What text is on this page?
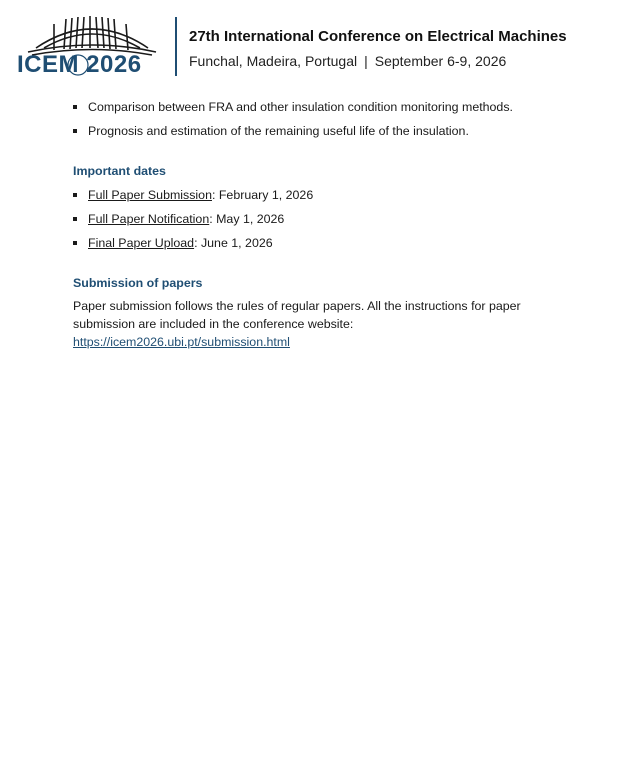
ICEM 2026
27th International Conference on Electrical Machines
Funchal, Madeira, Portugal | September 6-9, 2026
Comparison between FRA and other insulation condition monitoring methods.
Prognosis and estimation of the remaining useful life of the insulation.
Important dates
Full Paper Submission: February 1, 2026
Full Paper Notification: May 1, 2026
Final Paper Upload: June 1, 2026
Submission of papers

Paper submission follows the rules of regular papers. All the instructions for paper submission are included in the conference website:

https://icem2026.ubi.pt/submission.html
